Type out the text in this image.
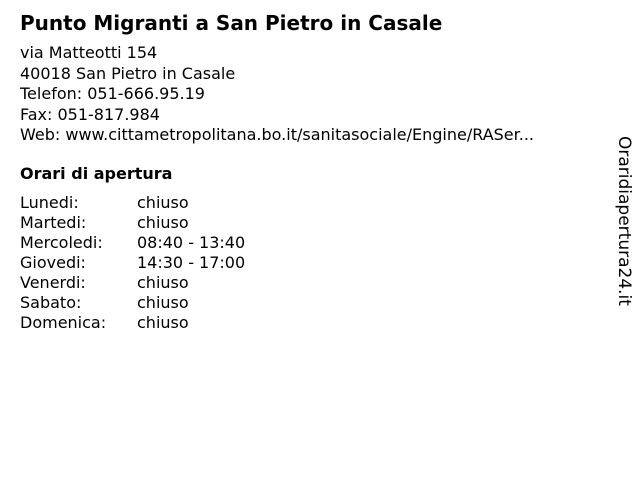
Punto Migranti a San Pietro in Casale
via Matteotti 154
40018 San Pietro in Casale
Telefon: 051-666.95.19
Fax: 051-817.984
Web: www.cittametropolitana.bo.it/sanitasociale/Engine/RASer...
Orari di apertura
Lunedi:	chiuso
Martedi:	chiuso
Mercoledi:	08:40 - 13:40
Giovedi:	14:30 - 17:00
Venerdi:	chiuso
Sabato:	chiuso
Domenica:	chiuso
Oraridiapertura24.it
